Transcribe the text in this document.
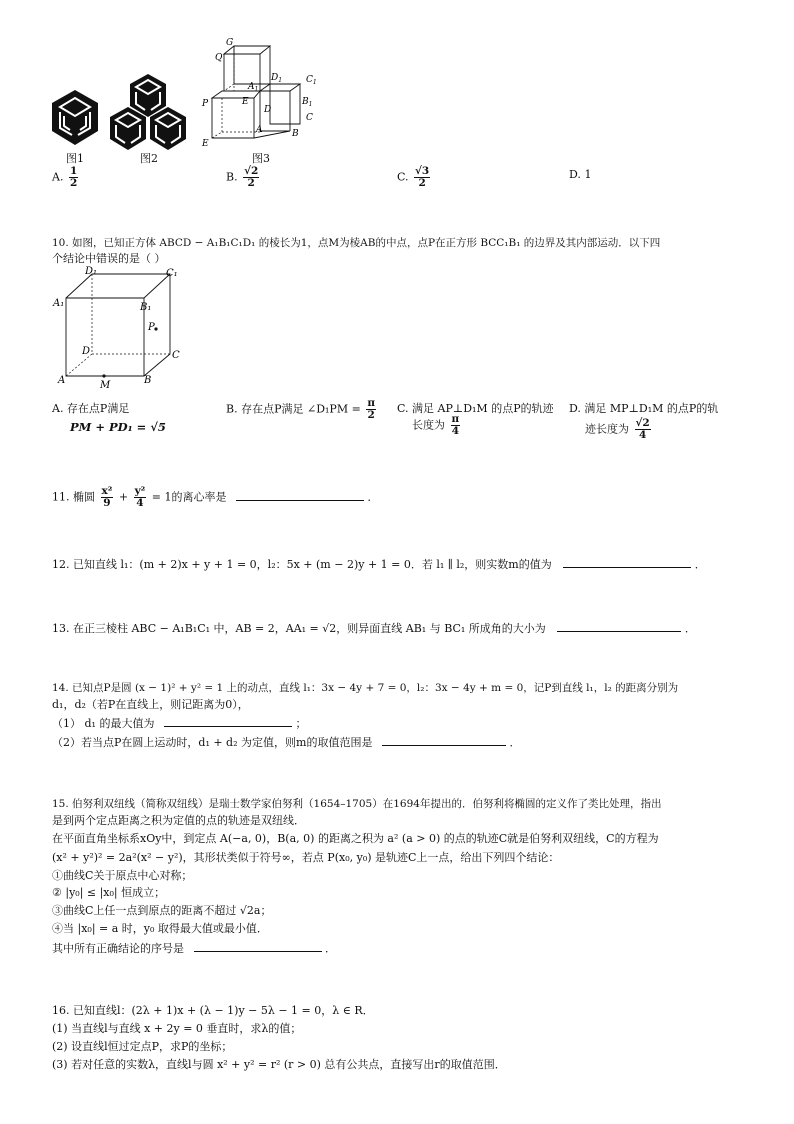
G
Q
$D_1$	$C_1$
$A_1$
$B_1$
P	E
D
C
A	B
E
图1	图2	图3
A. $\frac{1}{2}$	B. $\frac{√2}{2}$	C. $\frac{√3}{2}$	D. 1
10. 如图，已知正方体 ABCD − A₁B₁C₁D₁ 的棱长为1，点M为棱AB的中点，点P在正方形 BCC₁B₁ 的边界及其内部运动．以下四
个结论中错误的是（ ）
D₁	C₁
A₁	B₁
P
D	C
A	B
M
A. 存在点P满足
PM + PD₁ = √5
B. 存在点P满足 ∠D₁PM = $\frac{\pi}{2} C$. 满足 AP⊥D₁M 的点P的轨迹
长度为 $\frac{\pi}{4}$
D. 满足 MP⊥D₁M 的点P的轨
迹长度为 $\frac{√2}{4}$
11. 椭圆 $\frac{\text{x²}}{9} + \frac{\text{y²}}{4} = 1$的离心率是	．
12. 已知直线 l₁：(m + 2)x + y + 1 = 0，l₂：5x + (m − 2)y + 1 = 0．若 l₁ ∥ l₂，则实数m的值为	．
13. 在正三棱柱 ABC − A₁B₁C₁ 中，AB = 2，AA₁ = √2，则异面直线 AB₁ 与 BC₁ 所成角的大小为	．
14. 已知点P是圆 (x − 1)² + y² = 1 上的动点，直线 l₁：3x − 4y + 7 = 0，l₂：3x − 4y + m = 0，记P到直线 l₁，l₂ 的距离分别为
d₁，d₂（若P在直线上，则记距离为0），
（1） d₁ 的最大值为	；
（2）若当点P在圆上运动时，d₁ + d₂ 为定值，则m的取值范围是	．
15. 伯努利双纽线（简称双纽线）是瑞士数学家伯努利（1654–1705）在1694年提出的．伯努利将椭圆的定义作了类比处理，指出
是到两个定点距离之积为定值的点的轨迹是双纽线．
在平面直角坐标系xOy中，到定点 A(−a, 0)，B(a, 0) 的距离之积为 a² (a > 0) 的点的轨迹C就是伯努利双纽线，C的方程为
(x² + y²)² = 2a²(x² − y²)，其形状类似于符号∞，若点 P(x₀, y₀) 是轨迹C上一点，给出下列四个结论：
①曲线C关于原点中心对称；
② |y₀| ≤ |x₀| 恒成立；
③曲线C上任一点到原点的距离不超过 √2a；
④当 |x₀| = a 时，y₀ 取得最大值或最小值．
其中所有正确结论的序号是	．
16. 已知直线l：(2λ + 1)x + (λ − 1)y − 5λ − 1 = 0，λ ∈ R．
(1) 当直线l与直线 x + 2y = 0 垂直时，求λ的值；
(2) 设直线l恒过定点P，求P的坐标；
(3) 若对任意的实数λ，直线l与圆 x² + y² = r² (r > 0) 总有公共点，直接写出r的取值范围．
